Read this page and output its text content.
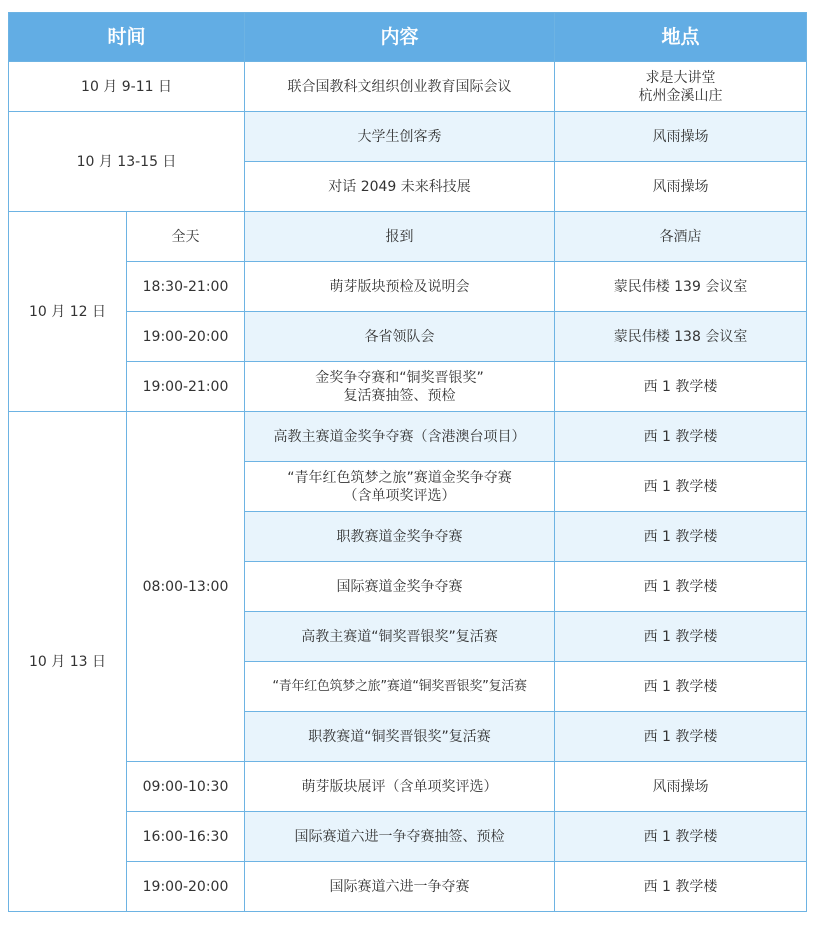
时间		内容	地点
10 月 9-11 日		联合国教科文组织创业教育国际会议	求是大讲堂
杭州金溪山庄

10 月 13-15 日		大学生创客秀	风雨操场
		对话 2049 未来科技展	风雨操场
10 月 12 日	全天	报到	各酒店
	18:30-21:00	萌芽版块预检及说明会	蒙民伟楼 139 会议室
	19:00-20:00	各省领队会	蒙民伟楼 138 会议室
	19:00-21:00	金奖争夺赛和“铜奖晋银奖”
复活赛抽签、预检	西 1 教学楼
10 月 13 日	08:00-13:00	高教主赛道金奖争夺赛（含港澳台项目）	西 1 教学楼

		“青年红色筑梦之旅”赛道金奖争夺赛
（含单项奖评选）	西 1 教学楼
		职教赛道金奖争夺赛	西 1 教学楼
		国际赛道金奖争夺赛	西 1 教学楼
		高教主赛道“铜奖晋银奖”复活赛	西 1 教学楼
		“青年红色筑梦之旅”赛道“铜奖晋银奖”复活赛	西 1 教学楼
		职教赛道“铜奖晋银奖”复活赛	西 1 教学楼
	09:00-10:30	萌芽版块展评（含单项奖评选）	风雨操场
	16:00-16:30	国际赛道六进一争夺赛抽签、预检	西 1 教学楼
	19:00-20:00	国际赛道六进一争夺赛	西 1 教学楼
